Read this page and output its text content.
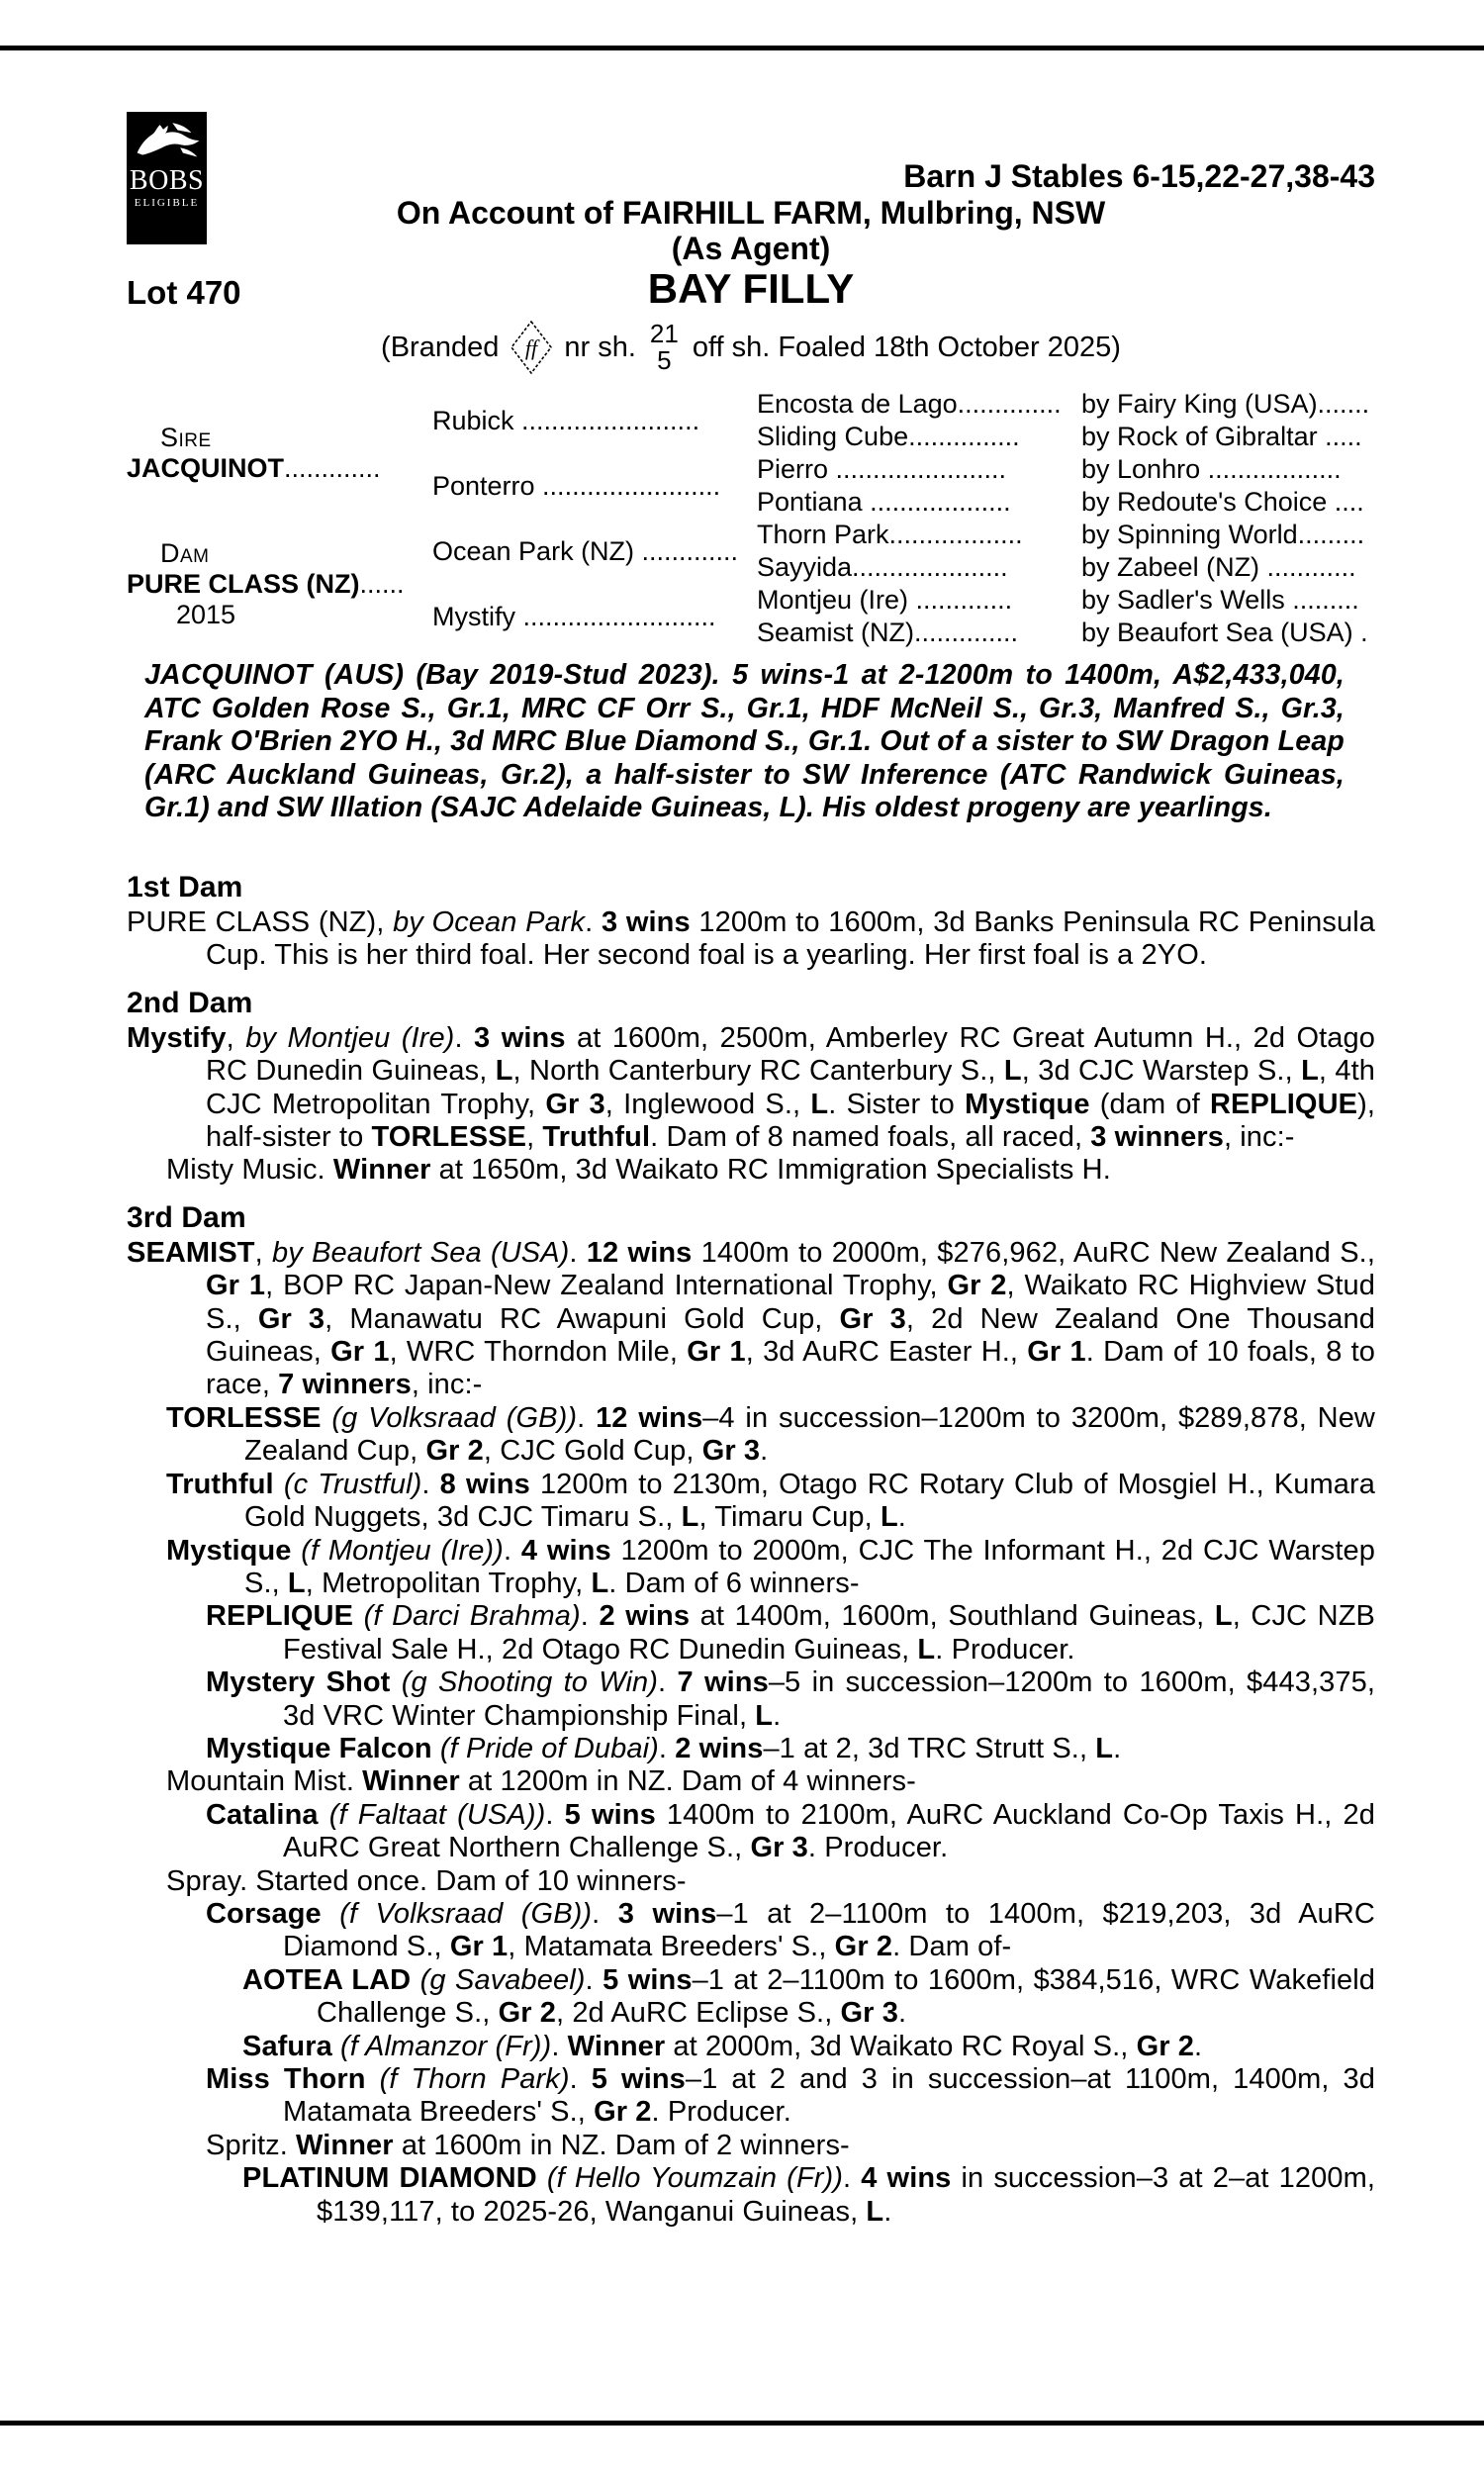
BOBS
ELIGIBLE
Barn J Stables 6-15,22-27,38-43
On Account of FAIRHILL FARM, Mulbring, NSW
(As Agent)
Lot 470	BAY FILLY
(Branded ff nr sh. 21
5 off sh. Foaled 18th October 2025)
Sire
JACQUINOT.............
Dam
PURE CLASS (NZ)......
2015
Rubick ........................
Ponterro ........................
Ocean Park (NZ) .............
Mystify ..........................
Encosta de Lago.............. by Fairy King (USA).......
Sliding Cube...............	by Rock of Gibraltar .....
Pierro .......................	by Lonhro ..................
Pontiana ...................	by Redoute's Choice ....
Thorn Park..................	by Spinning World.........
Sayyida.....................	by Zabeel (NZ) ............
Montjeu (Ire) .............	by Sadler's Wells .........
Seamist (NZ)..............	by Beaufort Sea (USA) .
JACQUINOT (AUS) (Bay 2019-Stud 2023). 5 wins-1 at 2-1200m to 1400m, A$2,433,040, ATC Golden Rose S., Gr.1, MRC CF Orr S., Gr.1, HDF McNeil S., Gr.3, Manfred S., Gr.3, Frank O'Brien 2YO H., 3d MRC Blue Diamond S., Gr.1. Out of a sister to SW Dragon Leap (ARC Auckland Guineas, Gr.2), a half-sister to SW Inference (ATC Randwick Guineas, Gr.1) and SW Illation (SAJC Adelaide Guineas, L). His oldest progeny are yearlings.
1st Dam

PURE CLASS (NZ), by Ocean Park. 3 wins 1200m to 1600m, 3d Banks Peninsula RC Peninsula Cup. This is her third foal. Her second foal is a yearling. Her first foal is a 2YO.

2nd Dam

Mystify, by Montjeu (Ire). 3 wins at 1600m, 2500m, Amberley RC Great Autumn H., 2d Otago RC Dunedin Guineas, L, North Canterbury RC Canterbury S., L, 3d CJC Warstep S., L, 4th CJC Metropolitan Trophy, Gr 3, Inglewood S., L. Sister to Mystique (dam of REPLIQUE), half-sister to TORLESSE, Truthful. Dam of 8 named foals, all raced, 3 winners, inc:-

Misty Music. Winner at 1650m, 3d Waikato RC Immigration Specialists H.

3rd Dam

SEAMIST, by Beaufort Sea (USA). 12 wins 1400m to 2000m, $276,962, AuRC New Zealand S., Gr 1, BOP RC Japan-New Zealand International Trophy, Gr 2, Waikato RC Highview Stud S., Gr 3, Manawatu RC Awapuni Gold Cup, Gr 3, 2d New Zealand One Thousand Guineas, Gr 1, WRC Thorndon Mile, Gr 1, 3d AuRC Easter H., Gr 1. Dam of 10 foals, 8 to race, 7 winners, inc:-

TORLESSE (g Volksraad (GB)). 12 wins–4 in succession–1200m to 3200m, $289,878, New Zealand Cup, Gr 2, CJC Gold Cup, Gr 3.

Truthful (c Trustful). 8 wins 1200m to 2130m, Otago RC Rotary Club of Mosgiel H., Kumara Gold Nuggets, 3d CJC Timaru S., L, Timaru Cup, L.

Mystique (f Montjeu (Ire)). 4 wins 1200m to 2000m, CJC The Informant H., 2d CJC Warstep S., L, Metropolitan Trophy, L. Dam of 6 winners-

REPLIQUE (f Darci Brahma). 2 wins at 1400m, 1600m, Southland Guineas, L, CJC NZB Festival Sale H., 2d Otago RC Dunedin Guineas, L. Producer.

Mystery Shot (g Shooting to Win). 7 wins–5 in succession–1200m to 1600m, $443,375, 3d VRC Winter Championship Final, L.

Mystique Falcon (f Pride of Dubai). 2 wins–1 at 2, 3d TRC Strutt S., L.

Mountain Mist. Winner at 1200m in NZ. Dam of 4 winners-

Catalina (f Faltaat (USA)). 5 wins 1400m to 2100m, AuRC Auckland Co-Op Taxis H., 2d AuRC Great Northern Challenge S., Gr 3. Producer.

Spray. Started once. Dam of 10 winners-

Corsage (f Volksraad (GB)). 3 wins–1 at 2–1100m to 1400m, $219,203, 3d AuRC Diamond S., Gr 1, Matamata Breeders' S., Gr 2. Dam of-

AOTEA LAD (g Savabeel). 5 wins–1 at 2–1100m to 1600m, $384,516, WRC Wakefield Challenge S., Gr 2, 2d AuRC Eclipse S., Gr 3.

Safura (f Almanzor (Fr)). Winner at 2000m, 3d Waikato RC Royal S., Gr 2.

Miss Thorn (f Thorn Park). 5 wins–1 at 2 and 3 in succession–at 1100m, 1400m, 3d Matamata Breeders' S., Gr 2. Producer.

Spritz. Winner at 1600m in NZ. Dam of 2 winners-

PLATINUM DIAMOND (f Hello Youmzain (Fr)). 4 wins in succession–3 at 2–at 1200m, $139,117, to 2025-26, Wanganui Guineas, L.
